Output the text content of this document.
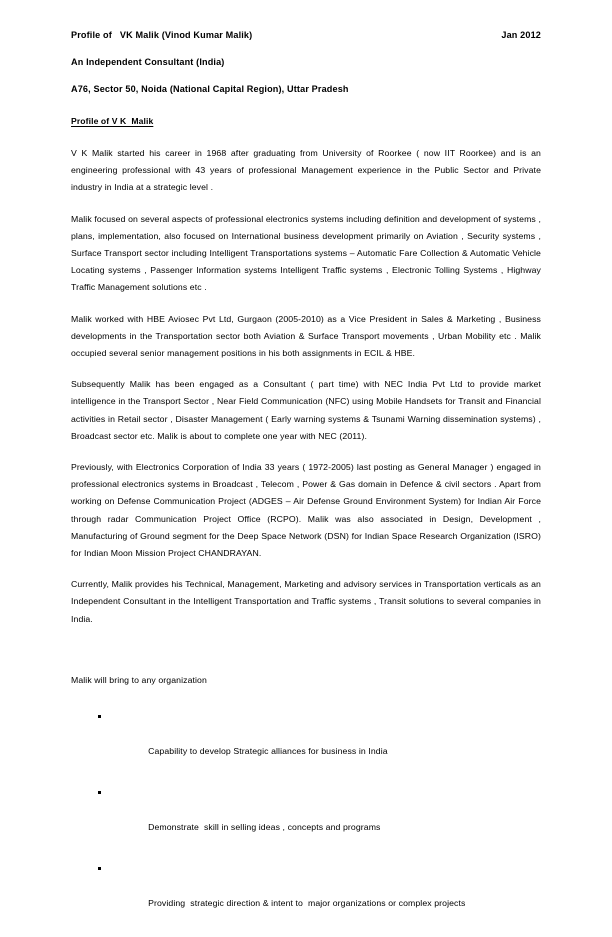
Profile of   VK Malik (Vinod Kumar Malik)	Jan 2012
An Independent Consultant (India)
A76, Sector 50, Noida (National Capital Region), Uttar Pradesh
Profile of V K  Malik

V K Malik started his career in 1968 after graduating from University of Roorkee ( now IIT Roorkee) and is an engineering professional with 43 years of professional Management experience in the Public Sector and Private industry in India at a strategic level .

Malik focused on several aspects of professional electronics systems including definition and development of systems , plans, implementation, also focused on International business development primarily on Aviation , Security systems , Surface Transport sector including Intelligent Transportations systems – Automatic Fare Collection & Automatic Vehicle Locating systems , Passenger Information systems Intelligent Traffic systems , Electronic Tolling Systems , Highway Traffic Management solutions etc .

Malik worked with HBE Aviosec Pvt Ltd, Gurgaon (2005-2010) as a Vice President in Sales & Marketing , Business developments in the Transportation sector both Aviation & Surface Transport movements , Urban Mobility etc . Malik occupied several senior management positions in his both assignments in ECIL & HBE.

Subsequently Malik has been engaged as a Consultant ( part time) with NEC India Pvt Ltd to provide market intelligence in the Transport Sector , Near Field Communication (NFC) using Mobile Handsets for Transit and Financial activities in Retail sector , Disaster Management ( Early warning systems & Tsunami Warning dissemination systems) , Broadcast sector etc. Malik is about to complete one year with NEC (2011).

Previously, with Electronics Corporation of India 33 years ( 1972-2005) last posting as General Manager ) engaged in professional electronics systems in Broadcast , Telecom , Power & Gas domain in Defence & civil sectors . Apart from working on Defense Communication Project (ADGES – Air Defense Ground Environment System) for Indian Air Force through radar Communication Project Office (RCPO). Malik was also associated in Design, Development , Manufacturing of Ground segment for the Deep Space Network (DSN) for Indian Space Research Organization (ISRO) for Indian Moon Mission Project CHANDRAYAN.

Currently, Malik provides his Technical, Management, Marketing and advisory services in Transportation verticals as an Independent Consultant in the Intelligent Transportation and Traffic systems , Transit solutions to several companies in India.

Malik will bring to any organization

Capability to develop Strategic alliances for business in India

Demonstrate  skill in selling ideas , concepts and programs

Providing  strategic direction & intent to  major organizations or complex projects
